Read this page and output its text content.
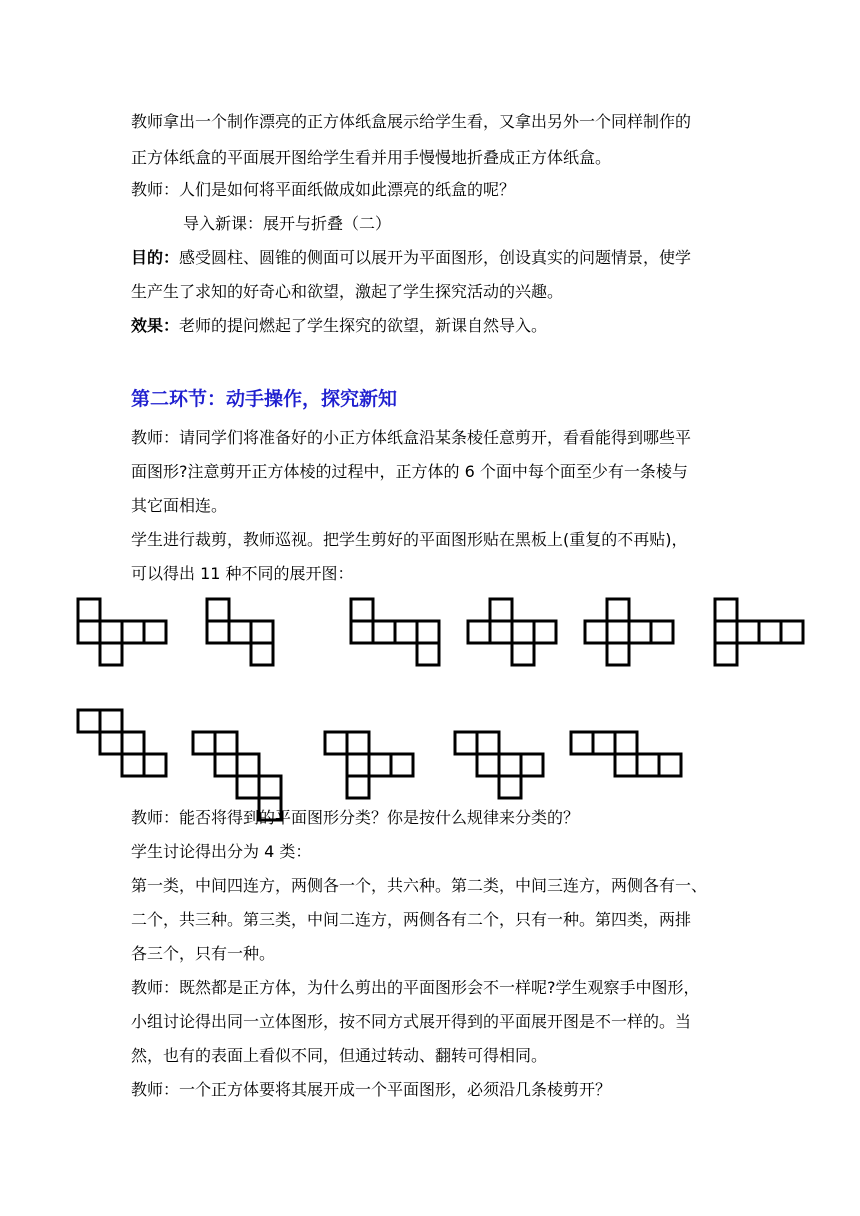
教师拿出一个制作漂亮的正方体纸盒展示给学生看，又拿出另外一个同样制作的

正方体纸盒的平面展开图给学生看并用手慢慢地折叠成正方体纸盒。

教师：人们是如何将平面纸做成如此漂亮的纸盒的呢？

导入新课：展开与折叠（二）

目的：感受圆柱、圆锥的侧面可以展开为平面图形，创设真实的问题情景，使学

生产生了求知的好奇心和欲望，激起了学生探究活动的兴趣。

效果：老师的提问燃起了学生探究的欲望，新课自然导入。

第二环节：动手操作，探究新知

教师：请同学们将准备好的小正方体纸盒沿某条棱任意剪开，看看能得到哪些平

面图形?注意剪开正方体棱的过程中，正方体的 6 个面中每个面至少有一条棱与

其它面相连。

学生进行裁剪，教师巡视。把学生剪好的平面图形贴在黑板上(重复的不再贴)，

可以得出 11 种不同的展开图：

教师：能否将得到的平面图形分类？你是按什么规律来分类的？

学生讨论得出分为 4 类：

第一类，中间四连方，两侧各一个，共六种。第二类，中间三连方，两侧各有一、

二个，共三种。第三类，中间二连方，两侧各有二个，只有一种。第四类，两排

各三个，只有一种。

教师：既然都是正方体，为什么剪出的平面图形会不一样呢?学生观察手中图形，

小组讨论得出同一立体图形，按不同方式展开得到的平面展开图是不一样的。当

然，也有的表面上看似不同，但通过转动、翻转可得相同。

教师：一个正方体要将其展开成一个平面图形，必须沿几条棱剪开？
